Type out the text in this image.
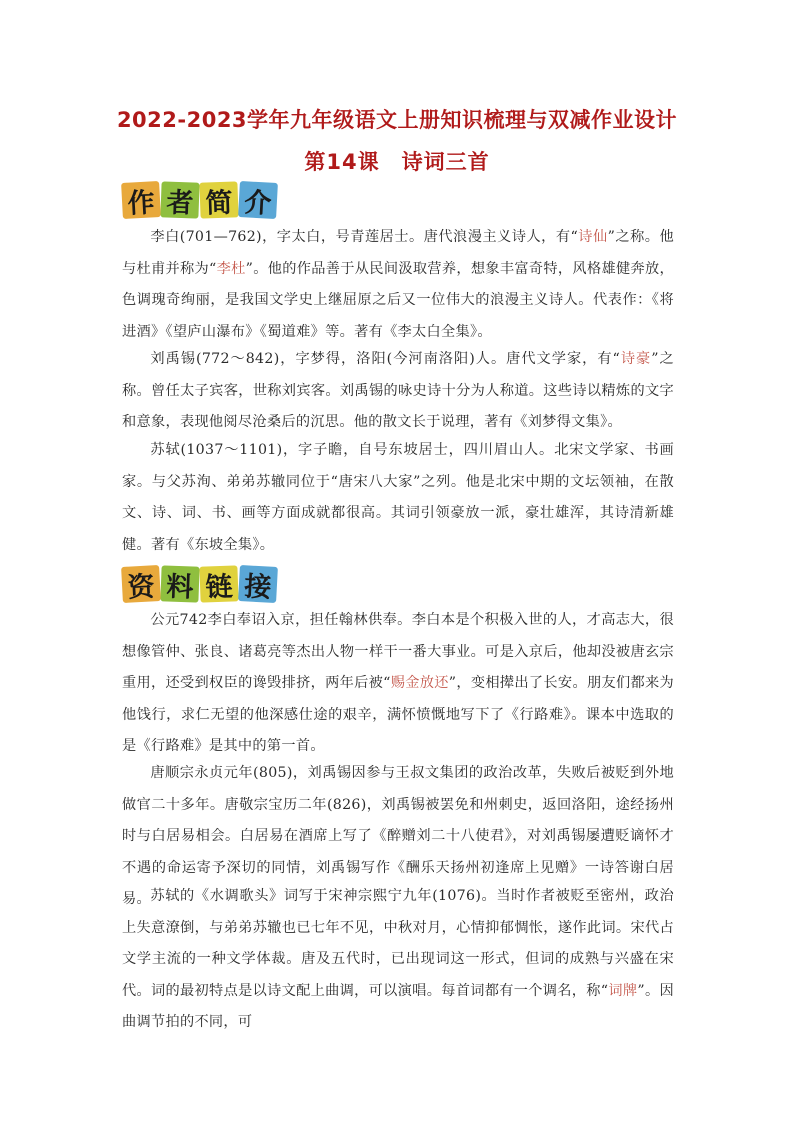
2022-2023学年九年级语文上册知识梳理与双减作业设计
第14课　诗词三首
作 者 简 介
李白(701—762)，字太白，号青莲居士。唐代浪漫主义诗人，有“诗仙”之称。他与杜甫并称为“李杜”。他的作品善于从民间汲取营养，想象丰富奇特，风格雄健奔放，色调瑰奇绚丽，是我国文学史上继屈原之后又一位伟大的浪漫主义诗人。代表作：《将进酒》《望庐山瀑布》《蜀道难》等。著有《李太白全集》。
刘禹锡(772～842)，字梦得，洛阳(今河南洛阳)人。唐代文学家，有“诗豪”之称。曾任太子宾客，世称刘宾客。刘禹锡的咏史诗十分为人称道。这些诗以精炼的文字和意象，表现他阅尽沧桑后的沉思。他的散文长于说理，著有《刘梦得文集》。
苏轼(1037～1101)，字子瞻，自号东坡居士，四川眉山人。北宋文学家、书画家。与父苏洵、弟弟苏辙同位于“唐宋八大家”之列。他是北宋中期的文坛领袖，在散文、诗、词、书、画等方面成就都很高。其词引领豪放一派，豪壮雄浑，其诗清新雄健。著有《东坡全集》。
资 料 链 接
公元742李白奉诏入京，担任翰林供奉。李白本是个积极入世的人，才高志大，很想像管仲、张良、诸葛亮等杰出人物一样干一番大事业。可是入京后，他却没被唐玄宗重用，还受到权臣的谗毁排挤，两年后被“赐金放还”，变相撵出了长安。朋友们都来为他饯行，求仁无望的他深感仕途的艰辛，满怀愤慨地写下了《行路难》。课本中选取的是《行路难》是其中的第一首。
唐顺宗永贞元年(805)，刘禹锡因参与王叔文集团的政治改革，失败后被贬到外地做官二十多年。唐敬宗宝历二年(826)，刘禹锡被罢免和州刺史，返回洛阳，途经扬州时与白居易相会。白居易在酒席上写了《醉赠刘二十八使君》，对刘禹锡屡遭贬谪怀才不遇的命运寄予深切的同情，刘禹锡写作《酬乐天扬州初逢席上见赠》一诗答谢白居易。 苏轼的《水调歌头》词写于宋神宗熙宁九年(1076)。当时作者被贬至密州，政治上失意潦倒，与弟弟苏辙也已七年不见，中秋对月，心情抑郁惆怅，遂作此词。宋代占文学主流的一种文学体裁。唐及五代时，已出现词这一形式，但词的成熟与兴盛在宋代。词的最初特点是以诗文配上曲调，可以演唱。每首词都有一个调名，称“词牌”。因曲调节拍的不同，可
